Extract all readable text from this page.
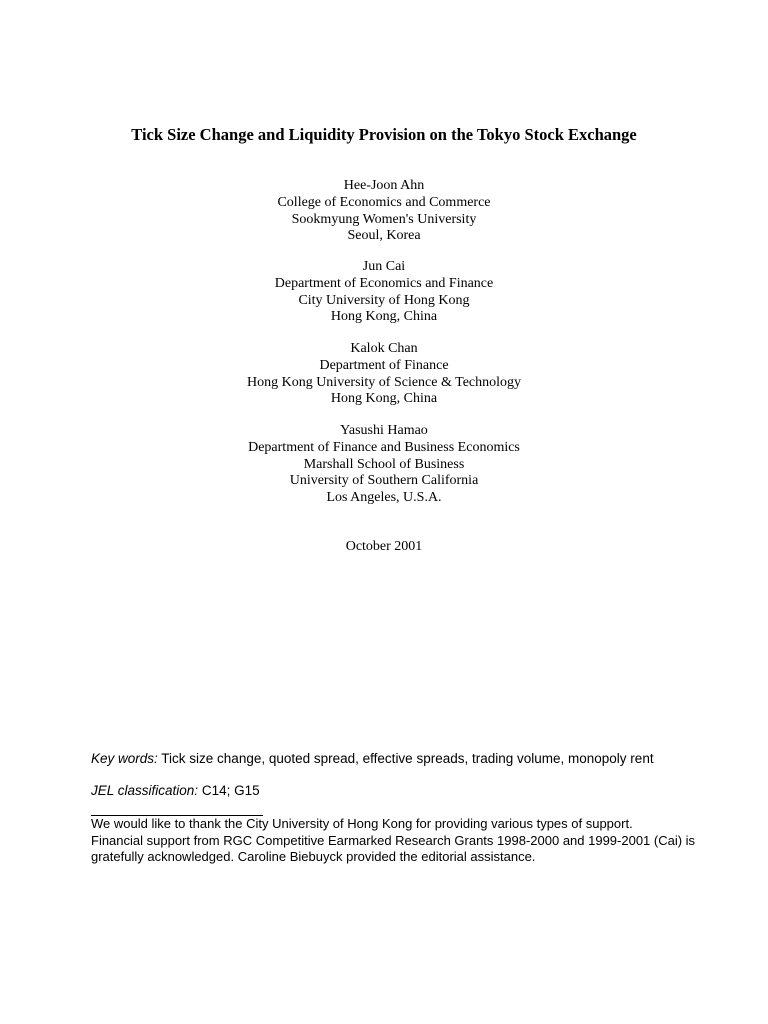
Tick Size Change and Liquidity Provision on the Tokyo Stock Exchange
Hee-Joon Ahn
College of Economics and Commerce
Sookmyung Women's University
Seoul, Korea
Jun Cai
Department of Economics and Finance
City University of Hong Kong
Hong Kong, China
Kalok Chan
Department of Finance
Hong Kong University of Science & Technology
Hong Kong, China
Yasushi Hamao
Department of Finance and Business Economics
Marshall School of Business
University of Southern California
Los Angeles, U.S.A.
October 2001
Key words: Tick size change, quoted spread, effective spreads, trading volume, monopoly rent
JEL classification: C14; G15
We would like to thank the City University of Hong Kong for providing various types of support.
Financial support from RGC Competitive Earmarked Research Grants 1998-2000 and 1999-2001 (Cai) is
gratefully acknowledged. Caroline Biebuyck provided the editorial assistance.
